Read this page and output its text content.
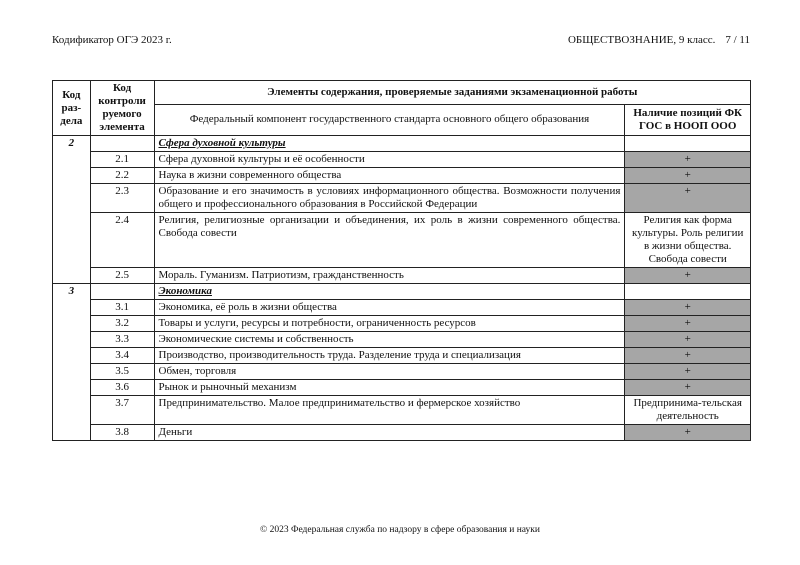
Кодификатор ОГЭ 2023 г.	ОБЩЕСТВОЗНАНИЕ, 9 класс. 7 / 11
Код раз-дела	Код контроли руемого элемента	Элементы содержания, проверяемые заданиями экзаменационной работы	
		Федеральный компонент государственного стандарта основного общего образования	Наличие позиций ФК ГОС в НООП ООО
2		Сфера духовной культуры	
	2.1	Сфера духовной культуры и её особенности	+
	2.2	Наука в жизни современного общества	+
	2.3	Образование и его значимость в условиях информационного общества. Возможности получения общего и профессионального образования в Российской Федерации	+
	2.4	Религия, религиозные организации и объединения, их роль в жизни современного общества. Свобода совести	Религия как форма культуры. Роль религии в жизни общества. Свобода совести
	2.5	Мораль. Гуманизм. Патриотизм, гражданственность	+
3		Экономика	
	3.1	Экономика, её роль в жизни общества	+
	3.2	Товары и услуги, ресурсы и потребности, ограниченность ресурсов	+
	3.3	Экономические системы и собственность	+
	3.4	Производство, производительность труда. Разделение труда и специализация	+
	3.5	Обмен, торговля	+
	3.6	Рынок и рыночный механизм	+
	3.7	Предпринимательство. Малое предпринимательство и фермерское хозяйство	Предпринима-тельская деятельность
	3.8	Деньги	+
© 2023 Федеральная служба по надзору в сфере образования и науки
